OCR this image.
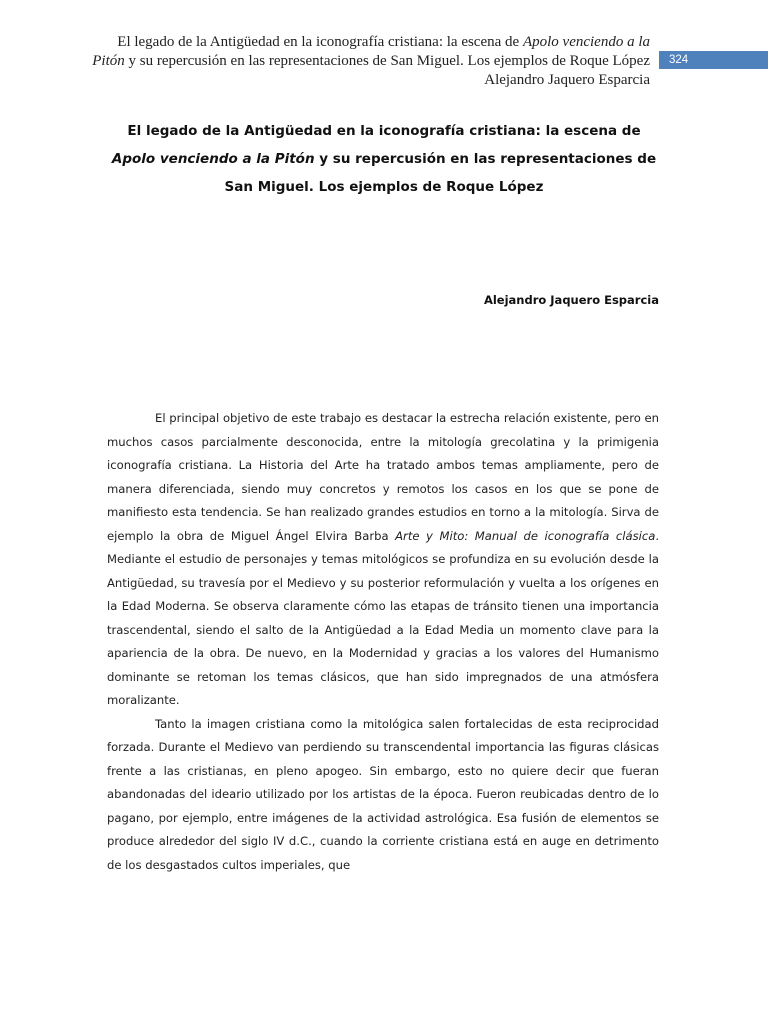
El legado de la Antigüedad en la iconografía cristiana: la escena de Apolo venciendo a la
Pitón y su repercusión en las representaciones de San Miguel. Los ejemplos de Roque López
Alejandro Jaquero Esparcia
324
El legado de la Antigüedad en la iconografía cristiana: la escena de
Apolo venciendo a la Pitón y su repercusión en las representaciones de
San Miguel. Los ejemplos de Roque López
Alejandro Jaquero Esparcia

El principal objetivo de este trabajo es destacar la estrecha relación existente, pero en muchos casos parcialmente desconocida, entre la mitología grecolatina y la primigenia iconografía cristiana. La Historia del Arte ha tratado ambos temas ampliamente, pero de manera diferenciada, siendo muy concretos y remotos los casos en los que se pone de manifiesto esta tendencia. Se han realizado grandes estudios en torno a la mitología. Sirva de ejemplo la obra de Miguel Ángel Elvira Barba Arte y Mito: Manual de iconografía clásica. Mediante el estudio de personajes y temas mitológicos se profundiza en su evolución desde la Antigüedad, su travesía por el Medievo y su posterior reformulación y vuelta a los orígenes en la Edad Moderna. Se observa claramente cómo las etapas de tránsito tienen una importancia trascendental, siendo el salto de la Antigüedad a la Edad Media un momento clave para la apariencia de la obra. De nuevo, en la Modernidad y gracias a los valores del Humanismo dominante se retoman los temas clásicos, que han sido impregnados de una atmósfera moralizante.

Tanto la imagen cristiana como la mitológica salen fortalecidas de esta reciprocidad forzada. Durante el Medievo van perdiendo su transcendental importancia las figuras clásicas frente a las cristianas, en pleno apogeo. Sin embargo, esto no quiere decir que fueran abandonadas del ideario utilizado por los artistas de la época. Fueron reubicadas dentro de lo pagano, por ejemplo, entre imágenes de la actividad astrológica. Esa fusión de elementos se produce alrededor del siglo IV d.C., cuando la corriente cristiana está en auge en detrimento de los desgastados cultos imperiales, que
